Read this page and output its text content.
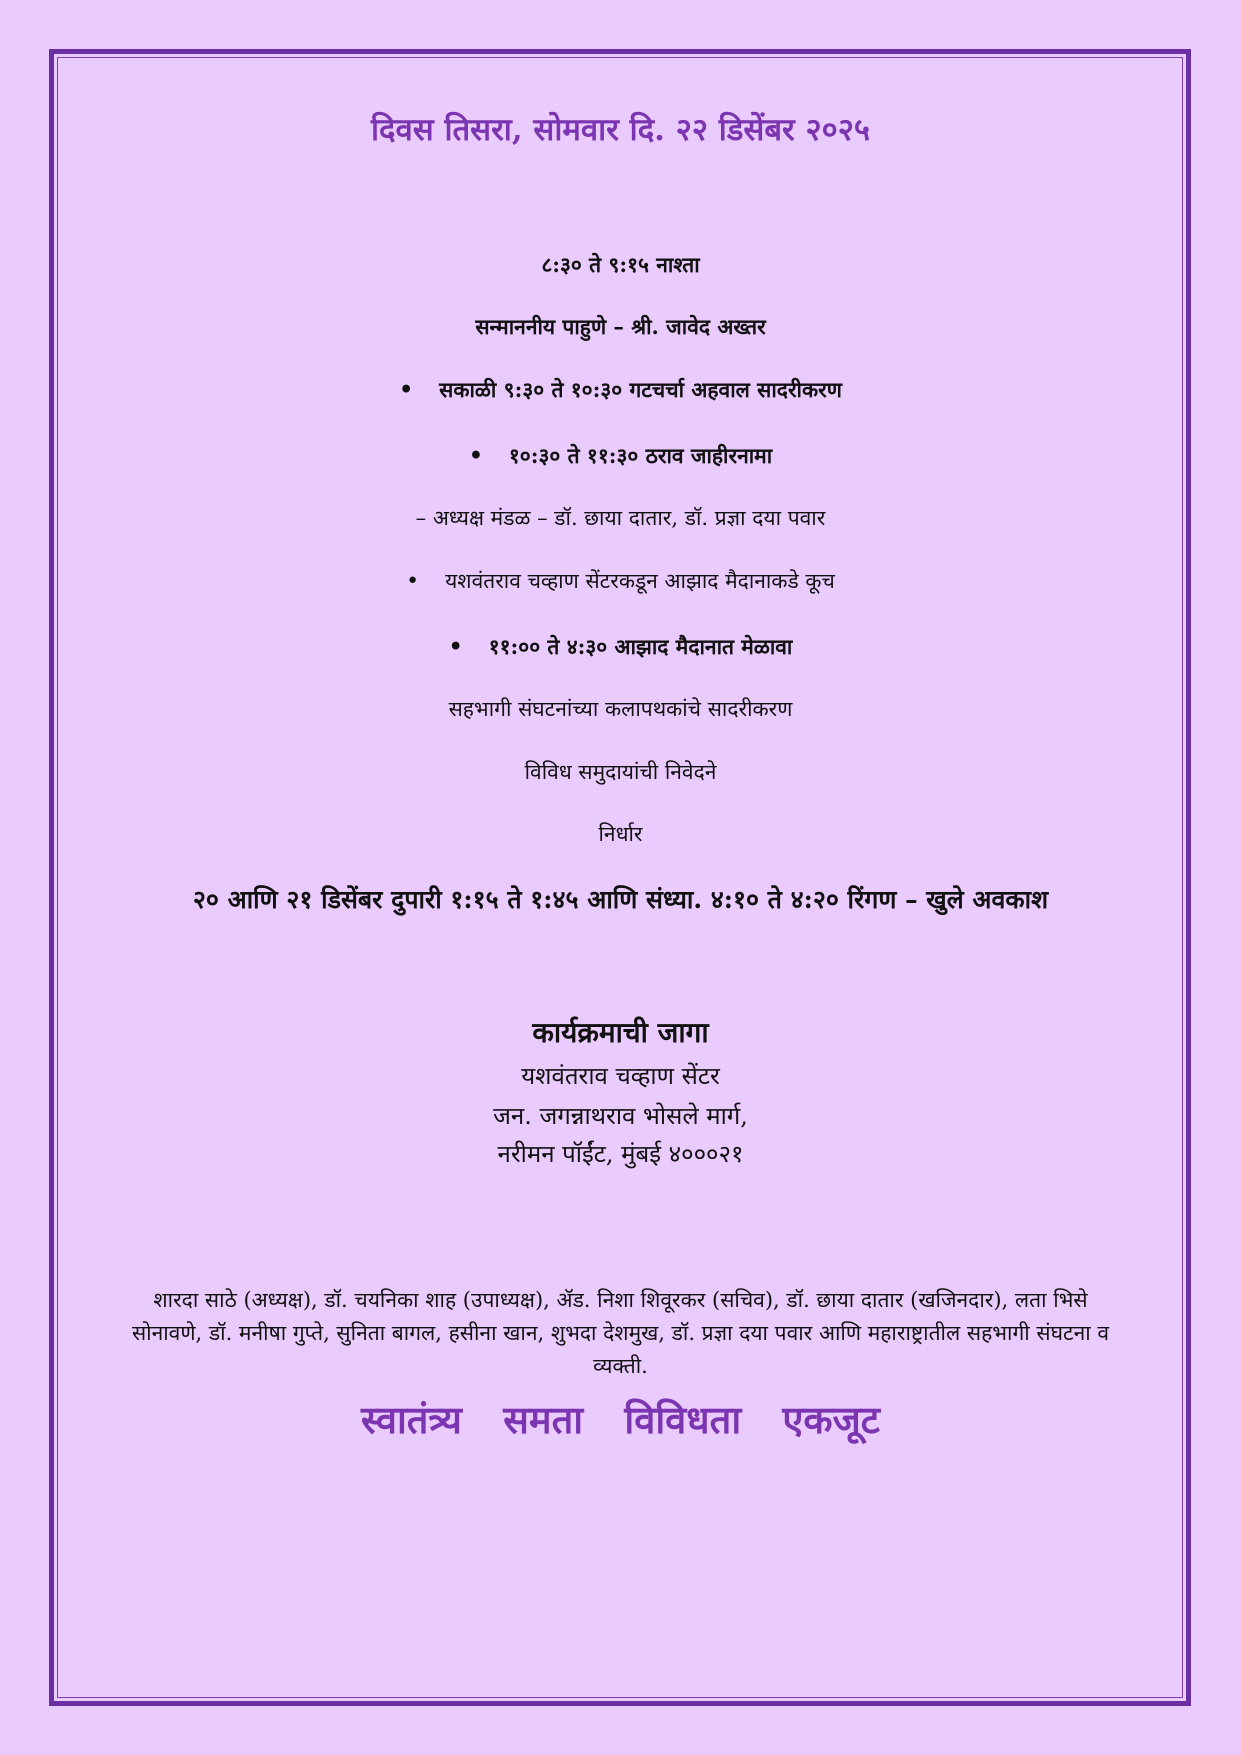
दिवस तिसरा, सोमवार दि. २२ डिसेंबर २०२५

८:३० ते ९:१५ नाश्ता

सन्माननीय पाहुणे – श्री. जावेद अख्तर

• सकाळी ९:३० ते १०:३० गटचर्चा अहवाल सादरीकरण
• १०:३० ते ११:३० ठराव जाहीरनामा

– अध्यक्ष मंडळ – डॉ. छाया दातार, डॉ. प्रज्ञा दया पवार

• यशवंतराव चव्हाण सेंटरकडून आझाद मैदानाकडे कूच
• ११:०० ते ४:३० आझाद मैदानात मेळावा

सहभागी संघटनांच्या कलापथकांचे सादरीकरण

विविध समुदायांची निवेदने

निर्धार

२० आणि २१ डिसेंबर दुपारी १:१५ ते १:४५ आणि संध्या. ४:१० ते ४:२० रिंगण – खुले अवकाश

कार्यक्रमाची जागा

यशवंतराव चव्हाण सेंटर

जन. जगन्नाथराव भोसले मार्ग,

नरीमन पॉईंट, मुंबई ४०००२१

शारदा साठे (अध्यक्ष), डॉ. चयनिका शाह (उपाध्यक्ष), ॲड. निशा शिवूरकर (सचिव), डॉ. छाया दातार (खजिनदार), लता भिसे सोनावणे, डॉ. मनीषा गुप्ते, सुनिता बागल, हसीना खान, शुभदा देशमुख, डॉ. प्रज्ञा दया पवार आणि महाराष्ट्रातील सहभागी संघटना व व्यक्ती.

स्वातंत्र्य समता विविधता एकजूट
